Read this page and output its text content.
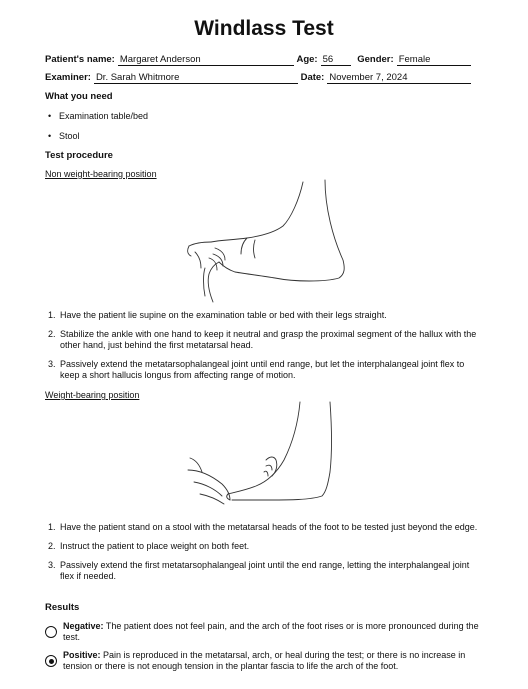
Windlass Test
Patient's name: Margaret Anderson	Age: 56	Gender: Female
Examiner: Dr. Sarah Whitmore	Date: November 7, 2024
What you need
• Examination table/bed
• Stool
Test procedure
Non weight-bearing position
1. Have the patient lie supine on the examination table or bed with their legs straight.
2. Stabilize the ankle with one hand to keep it neutral and grasp the proximal segment of the hallux with the other hand, just behind the first metatarsal head.
3. Passively extend the metatarsophalangeal joint until end range, but let the interphalangeal joint flex to keep a short hallucis longus from affecting range of motion.
Weight-bearing position
1. Have the patient stand on a stool with the metatarsal heads of the foot to be tested just beyond the edge.
2. Instruct the patient to place weight on both feet.
3. Passively extend the first metatarsophalangeal joint until the end range, letting the interphalangeal joint flex if needed.
Results
Negative: The patient does not feel pain, and the arch of the foot rises or is more pronounced during the test.
Positive: Pain is reproduced in the metatarsal, arch, or heal during the test; or there is no increase in tension or there is not enough tension in the plantar fascia to life the arch of the foot.
